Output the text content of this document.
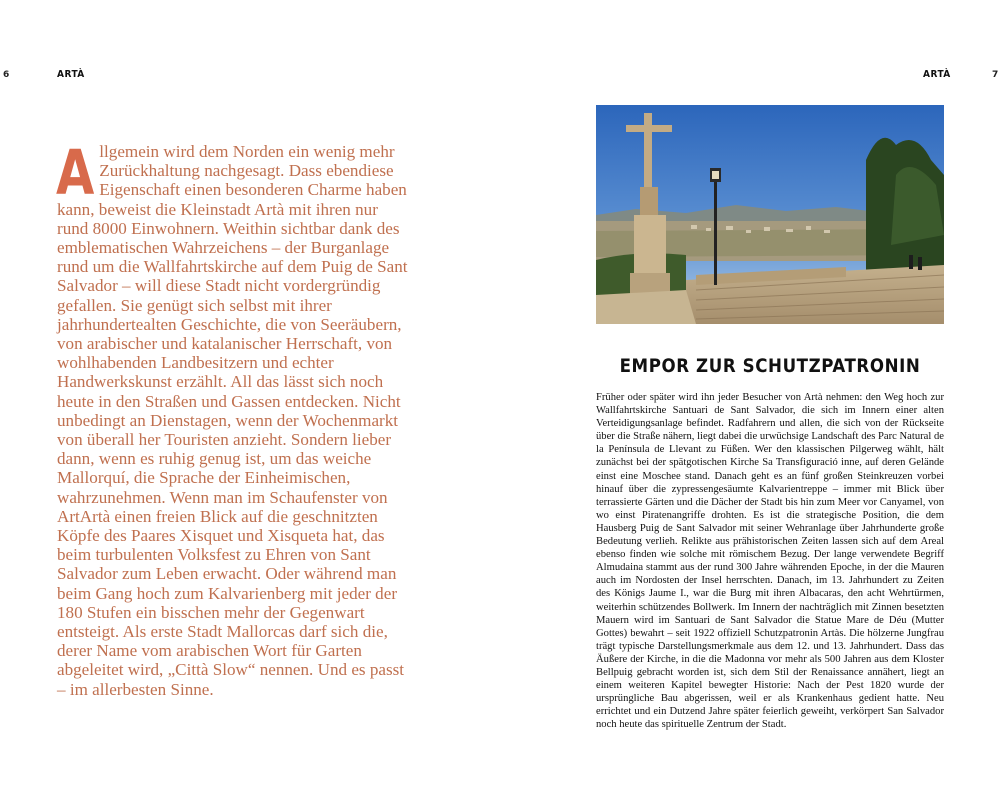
6	ARTÀ	ARTÀ	7

Allgemein wird dem Norden ein wenig mehr Zurückhaltung nachgesagt. Dass ebendiese Eigenschaft einen besonderen Charme haben kann, beweist die Kleinstadt Artà mit ihren nur rund 8000 Einwohnern. Weithin sichtbar dank des emblematischen Wahrzeichens – der Burganlage rund um die Wallfahrtskirche auf dem Puig de Sant Salvador – will diese Stadt nicht vordergründig gefallen. Sie genügt sich selbst mit ihrer jahrhundertealten Geschichte, die von Seeräubern, von arabischer und katalanischer Herrschaft, von wohlhabenden Landbesitzern und echter Handwerkskunst erzählt. All das lässt sich noch heute in den Straßen und Gassen entdecken. Nicht unbedingt an Dienstagen, wenn der Wochenmarkt von überall her Touristen anzieht. Sondern lieber dann, wenn es ruhig genug ist, um das weiche Mallorquí, die Sprache der Einheimischen, wahrzunehmen. Wenn man im Schaufenster von ArtArtà einen freien Blick auf die geschnitzten Köpfe des Paares Xisquet und Xisqueta hat, das beim turbulenten Volksfest zu Ehren von Sant Salvador zum Leben erwacht. Oder während man beim Gang hoch zum Kalvarienberg mit jeder der 180 Stufen ein bisschen mehr der Gegenwart entsteigt. Als erste Stadt Mallorcas darf sich die, derer Name vom arabischen Wort für Garten abgeleitet wird, „Città Slow“ nennen. Und es passt – im allerbesten Sinne.

EMPOR ZUR SCHUTZPATRONIN

Früher oder später wird ihn jeder Besucher von Artà nehmen: den Weg hoch zur Wallfahrtskirche Santuari de Sant Salvador, die sich im Innern einer alten Verteidigungsanlage befindet. Radfahrern und allen, die sich von der Rückseite über die Straße nähern, liegt dabei die urwüchsige Landschaft des Parc Natural de la Península de Llevant zu Füßen. Wer den klassischen Pilgerweg wählt, hält zunächst bei der spätgotischen Kirche Sa Transfiguració inne, auf deren Gelände einst eine Moschee stand. Danach geht es an fünf großen Steinkreuzen vorbei hinauf über die zypressengesäumte Kalvarientreppe – immer mit Blick über terrassierte Gärten und die Dächer der Stadt bis hin zum Meer vor Canyamel, von wo einst Piratenangriffe drohten. Es ist die strategische Position, die dem Hausberg Puig de Sant Salvador mit seiner Wehranlage über Jahrhunderte große Bedeutung verlieh. Relikte aus prähistorischen Zeiten lassen sich auf dem Areal ebenso finden wie solche mit römischem Bezug. Der lange verwendete Begriff Almudaina stammt aus der rund 300 Jahre währenden Epoche, in der die Mauren auch im Nordosten der Insel herrschten. Danach, im 13. Jahrhundert zu Zeiten des Königs Jaume I., war die Burg mit ihren Albacaras, den acht Wehrtürmen, weiterhin schützendes Bollwerk. Im Innern der nachträglich mit Zinnen besetzten Mauern wird im Santuari de Sant Salvador die Statue Mare de Déu (Mutter Gottes) bewahrt – seit 1922 offiziell Schutzpatronin Artàs. Die hölzerne Jungfrau trägt typische Darstellungsmerkmale aus dem 12. und 13. Jahrhundert. Dass das Äußere der Kirche, in die die Madonna vor mehr als 500 Jahren aus dem Kloster Bellpuig gebracht worden ist, sich dem Stil der Renaissance annähert, liegt an einem weiteren Kapitel bewegter Historie: Nach der Pest 1820 wurde der ursprüngliche Bau abgerissen, weil er als Krankenhaus gedient hatte. Neu errichtet und ein Dutzend Jahre später feierlich geweiht, verkörpert San Salvador noch heute das spirituelle Zentrum der Stadt.
